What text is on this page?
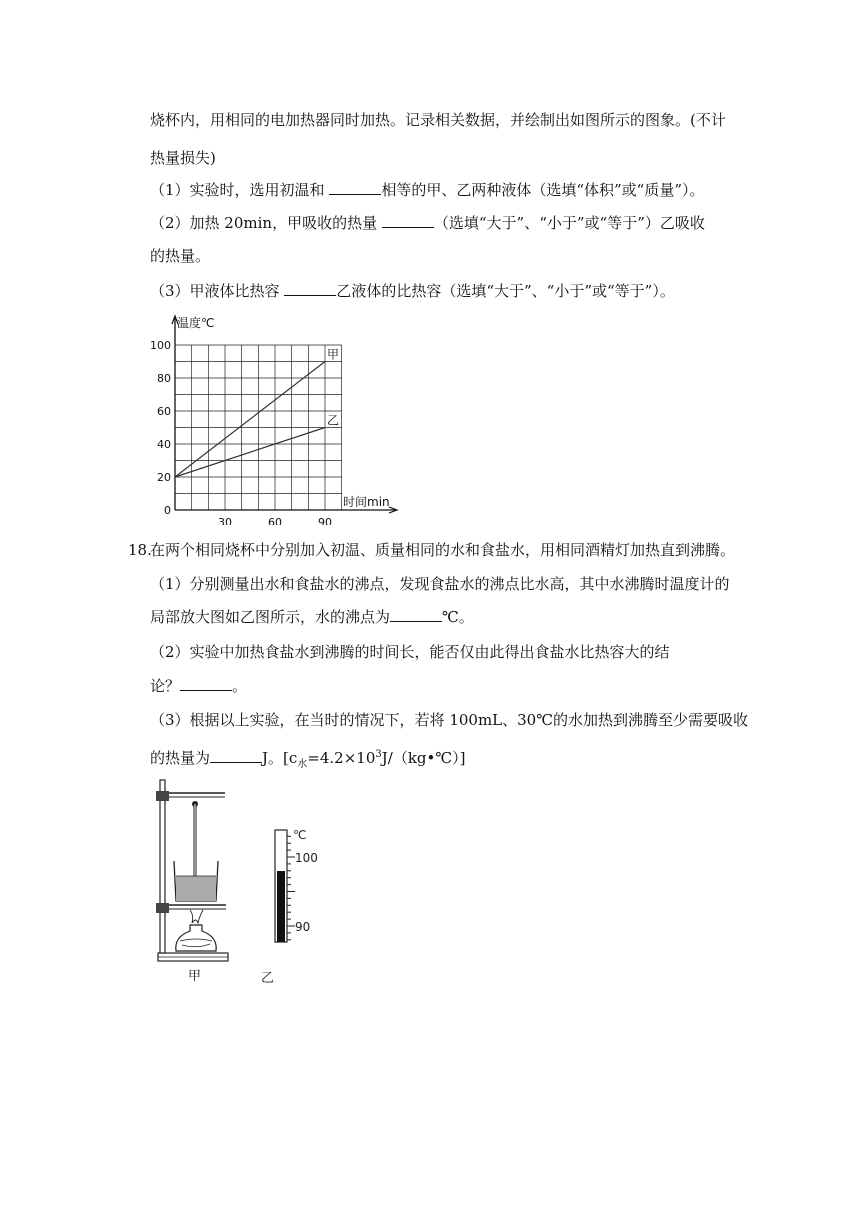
烧杯内，用相同的电加热器同时加热。记录相关数据，并绘制出如图所示的图象。(不计
热量损失)
（1）实验时，选用初温和	相等的甲、乙两种液体（选填“体积”或“质量”）。
（2）加热 20min，甲吸收的热量	（选填“大于”、“小于”或“等于”）乙吸收
的热量。
（3）甲液体比热容	乙液体的比热容（选填“大于”、“小于”或“等于”）。
0
20
40
60
80
100
30	60	90
温度℃
时间min
甲
乙
18.
在两个相同烧杯中分别加入初温、质量相同的水和食盐水，用相同酒精灯加热直到沸腾。
（1）分别测量出水和食盐水的沸点，发现食盐水的沸点比水高，其中水沸腾时温度计的
局部放大图如乙图所示，水的沸点为	℃。
（2）实验中加热食盐水到沸腾的时间长，能否仅由此得出食盐水比热容大的结
论？	。
（3）根据以上实验，在当时的情况下，若将 100mL、30℃的水加热到沸腾至少需要吸收
的热量为	J。$[c_水=4.2\times 10^3J/(kg•℃)]$
甲
℃
100
90
乙
